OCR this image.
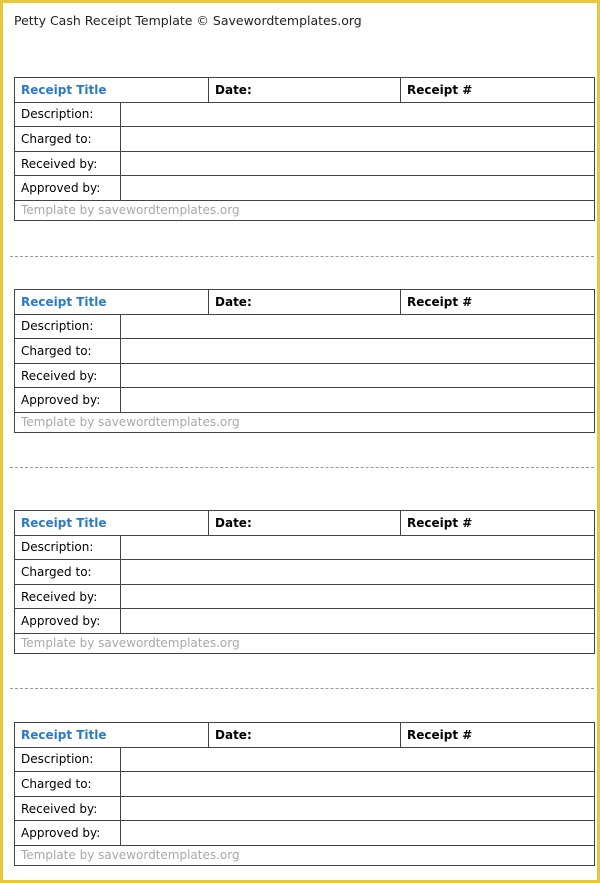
Petty Cash Receipt Template © Savewordtemplates.org
Receipt Title		Date:	Receipt #
Description:			
Charged to:			
Received by:			
Approved by:			
Template by savewordtemplates.org			
Receipt Title		Date:	Receipt #
Description:			
Charged to:			
Received by:			
Approved by:			
Template by savewordtemplates.org			
Receipt Title		Date:	Receipt #
Description:			
Charged to:			
Received by:			
Approved by:			
Template by savewordtemplates.org			
Receipt Title		Date:	Receipt #
Description:			
Charged to:			
Received by:			
Approved by:			
Template by savewordtemplates.org			
